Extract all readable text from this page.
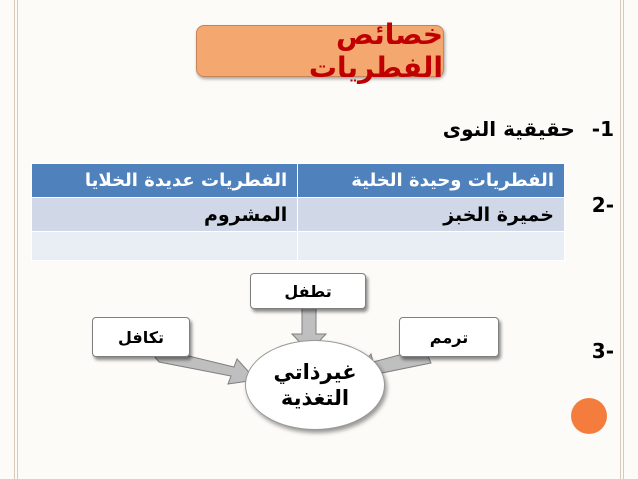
خصائص الفطريات
1- حقيقية النوى
-2
الفطريات وحيدة الخلية	الفطريات عديدة الخلايا
خميرة الخبز	المشروم

-3
تطفل
تكافل	ترمم
غيرذاتي
التغذية
